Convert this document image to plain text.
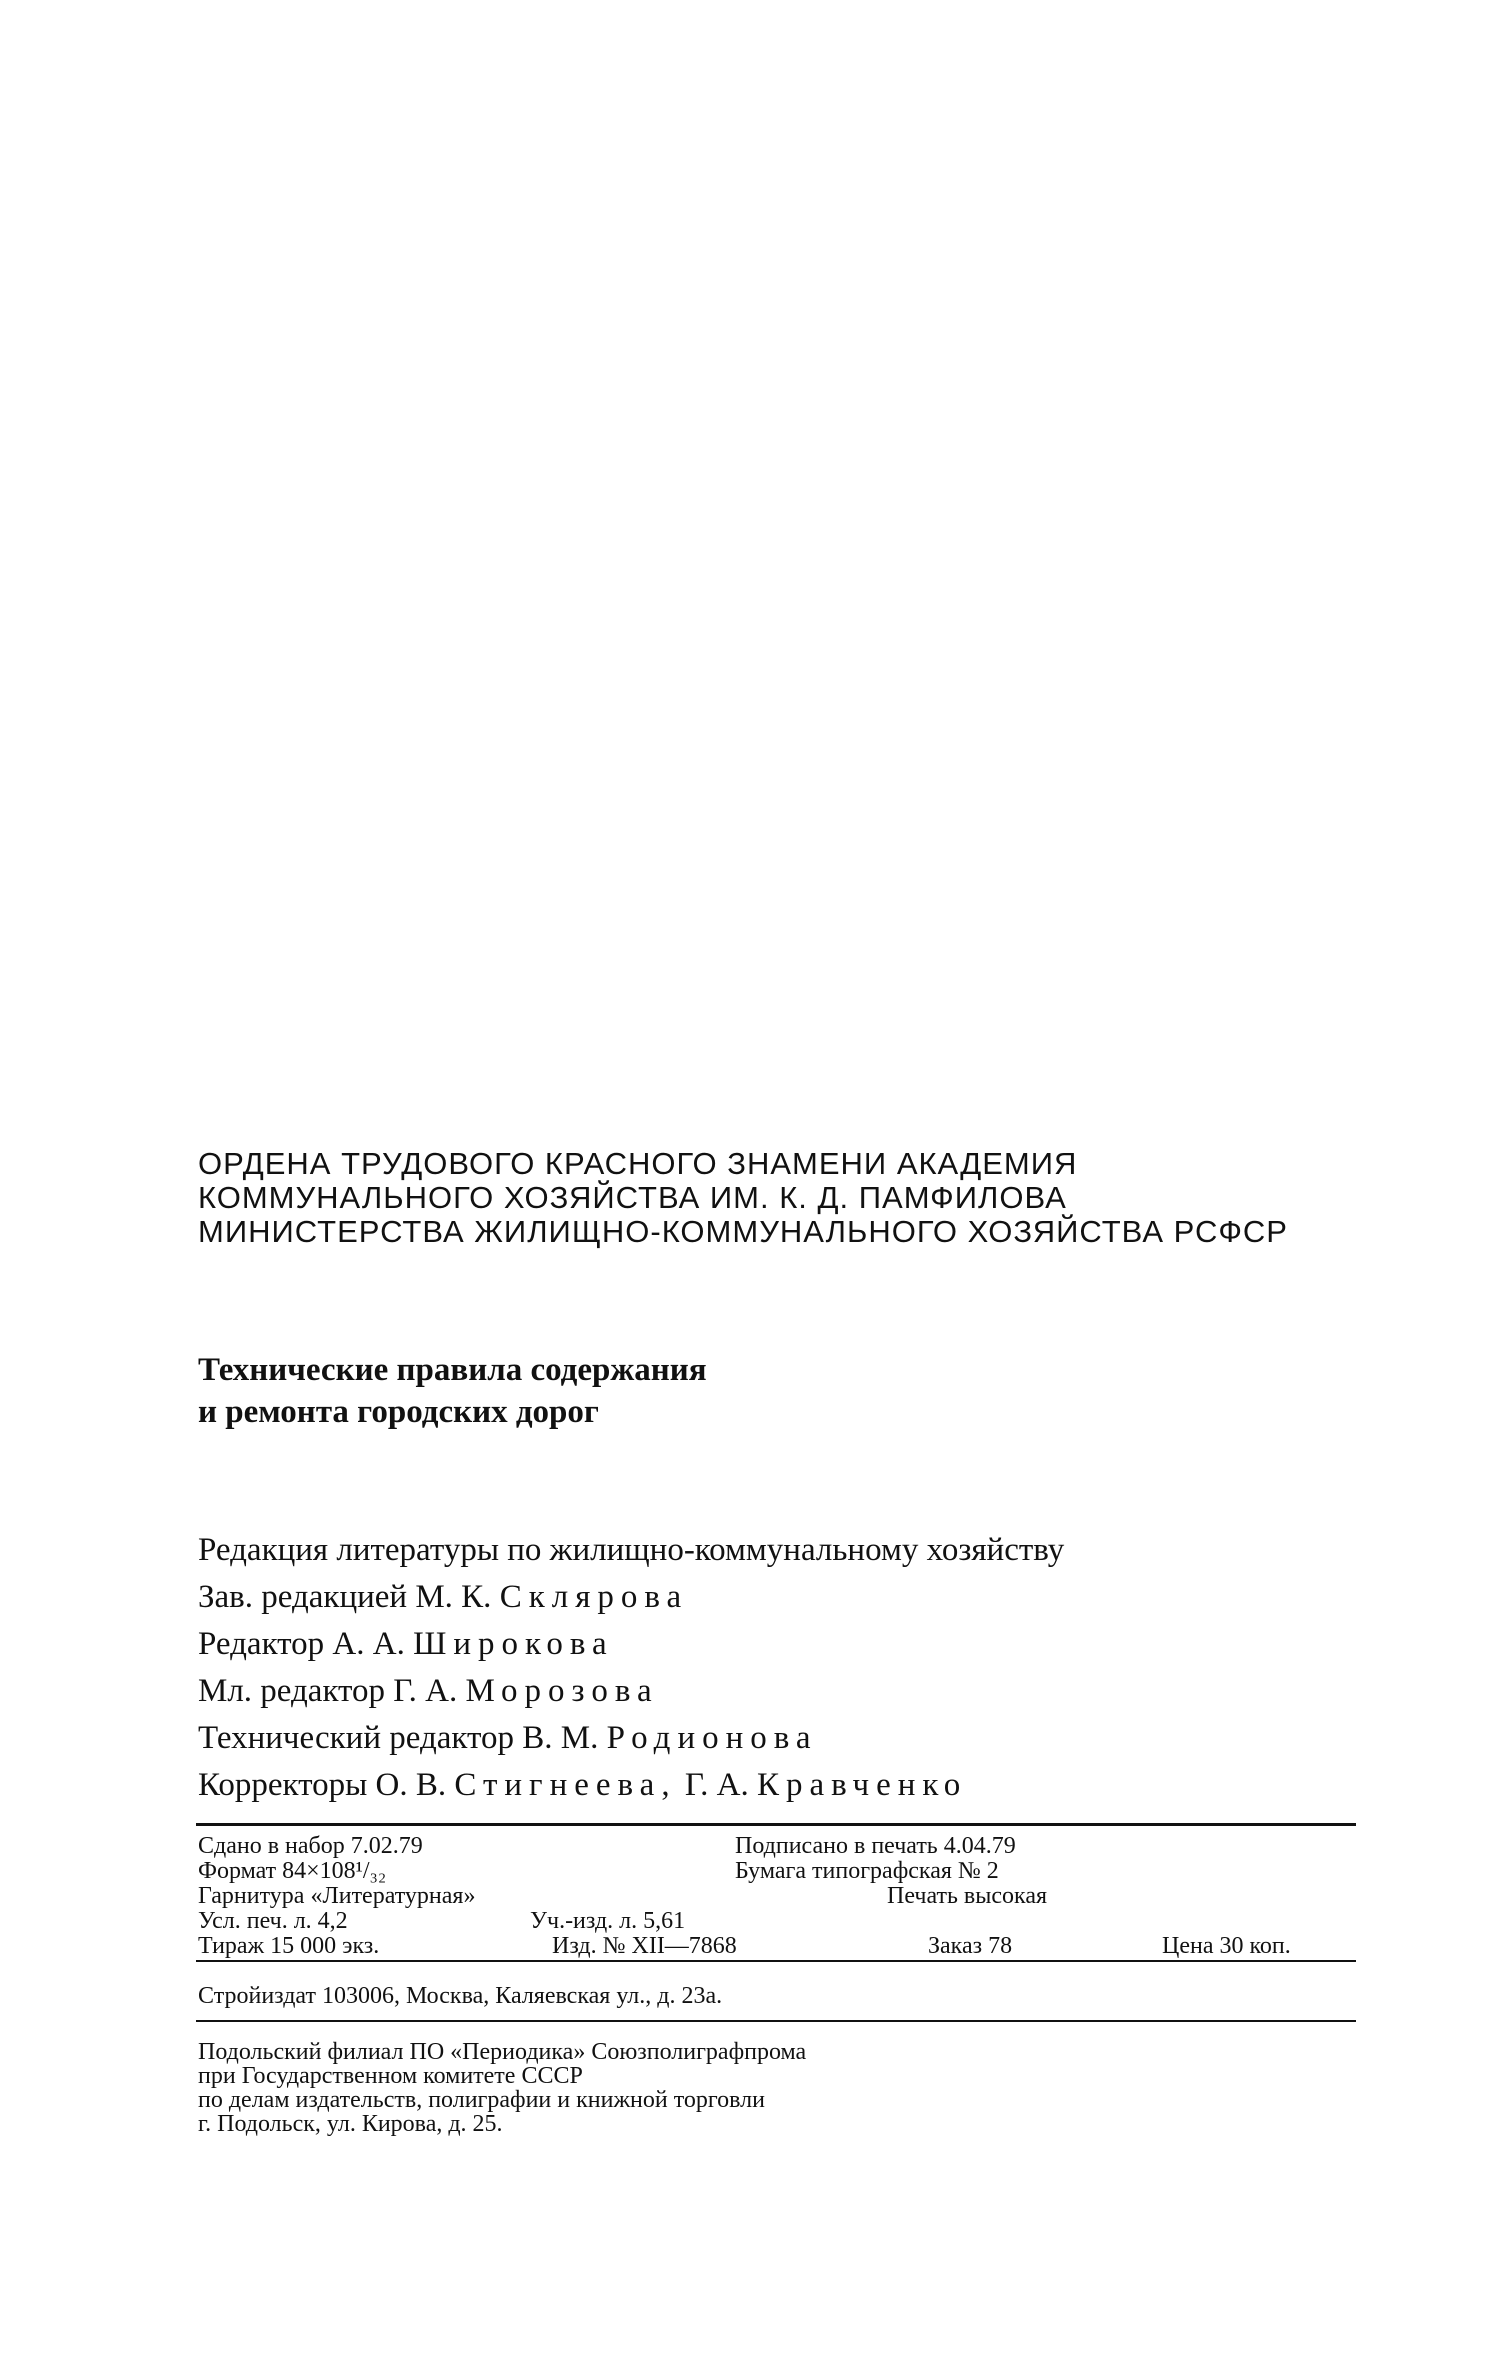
ОРДЕНА ТРУДОВОГО КРАСНОГО ЗНАМЕНИ АКАДЕМИЯ
КОММУНАЛЬНОГО ХОЗЯЙСТВА ИМ. К. Д. ПАМФИЛОВА
МИНИСТЕРСТВА ЖИЛИЩНО-КОММУНАЛЬНОГО ХОЗЯЙСТВА РСФСР
Технические правила содержания
и ремонта городских дорог
Редакция литературы по жилищно-коммунальному хозяйству
Зав. редакцией М. К. Склярова
Редактор А. А. Широкова
Мл. редактор Г. А. Морозова
Технический редактор В. М. Родионова
Корректоры О. В. Стигнеева, Г. А. Кравченко
Сдано в набор 7.02.79	Подписано в печать 4.04.79
Формат 84×108¹/₃₂	Бумага типографская № 2
Гарнитура «Литературная»	Печать высокая
Усл. печ. л. 4,2	Уч.-изд. л. 5,61
Тираж 15 000 экз.	Изд. № XII—7868	Заказ 78	Цена 30 коп.
Стройиздат 103006, Москва, Каляевская ул., д. 23а.
Подольский филиал ПО «Периодика» Союзполиграфпрома
при Государственном комитете СССР
по делам издательств, полиграфии и книжной торговли
г. Подольск, ул. Кирова, д. 25.
